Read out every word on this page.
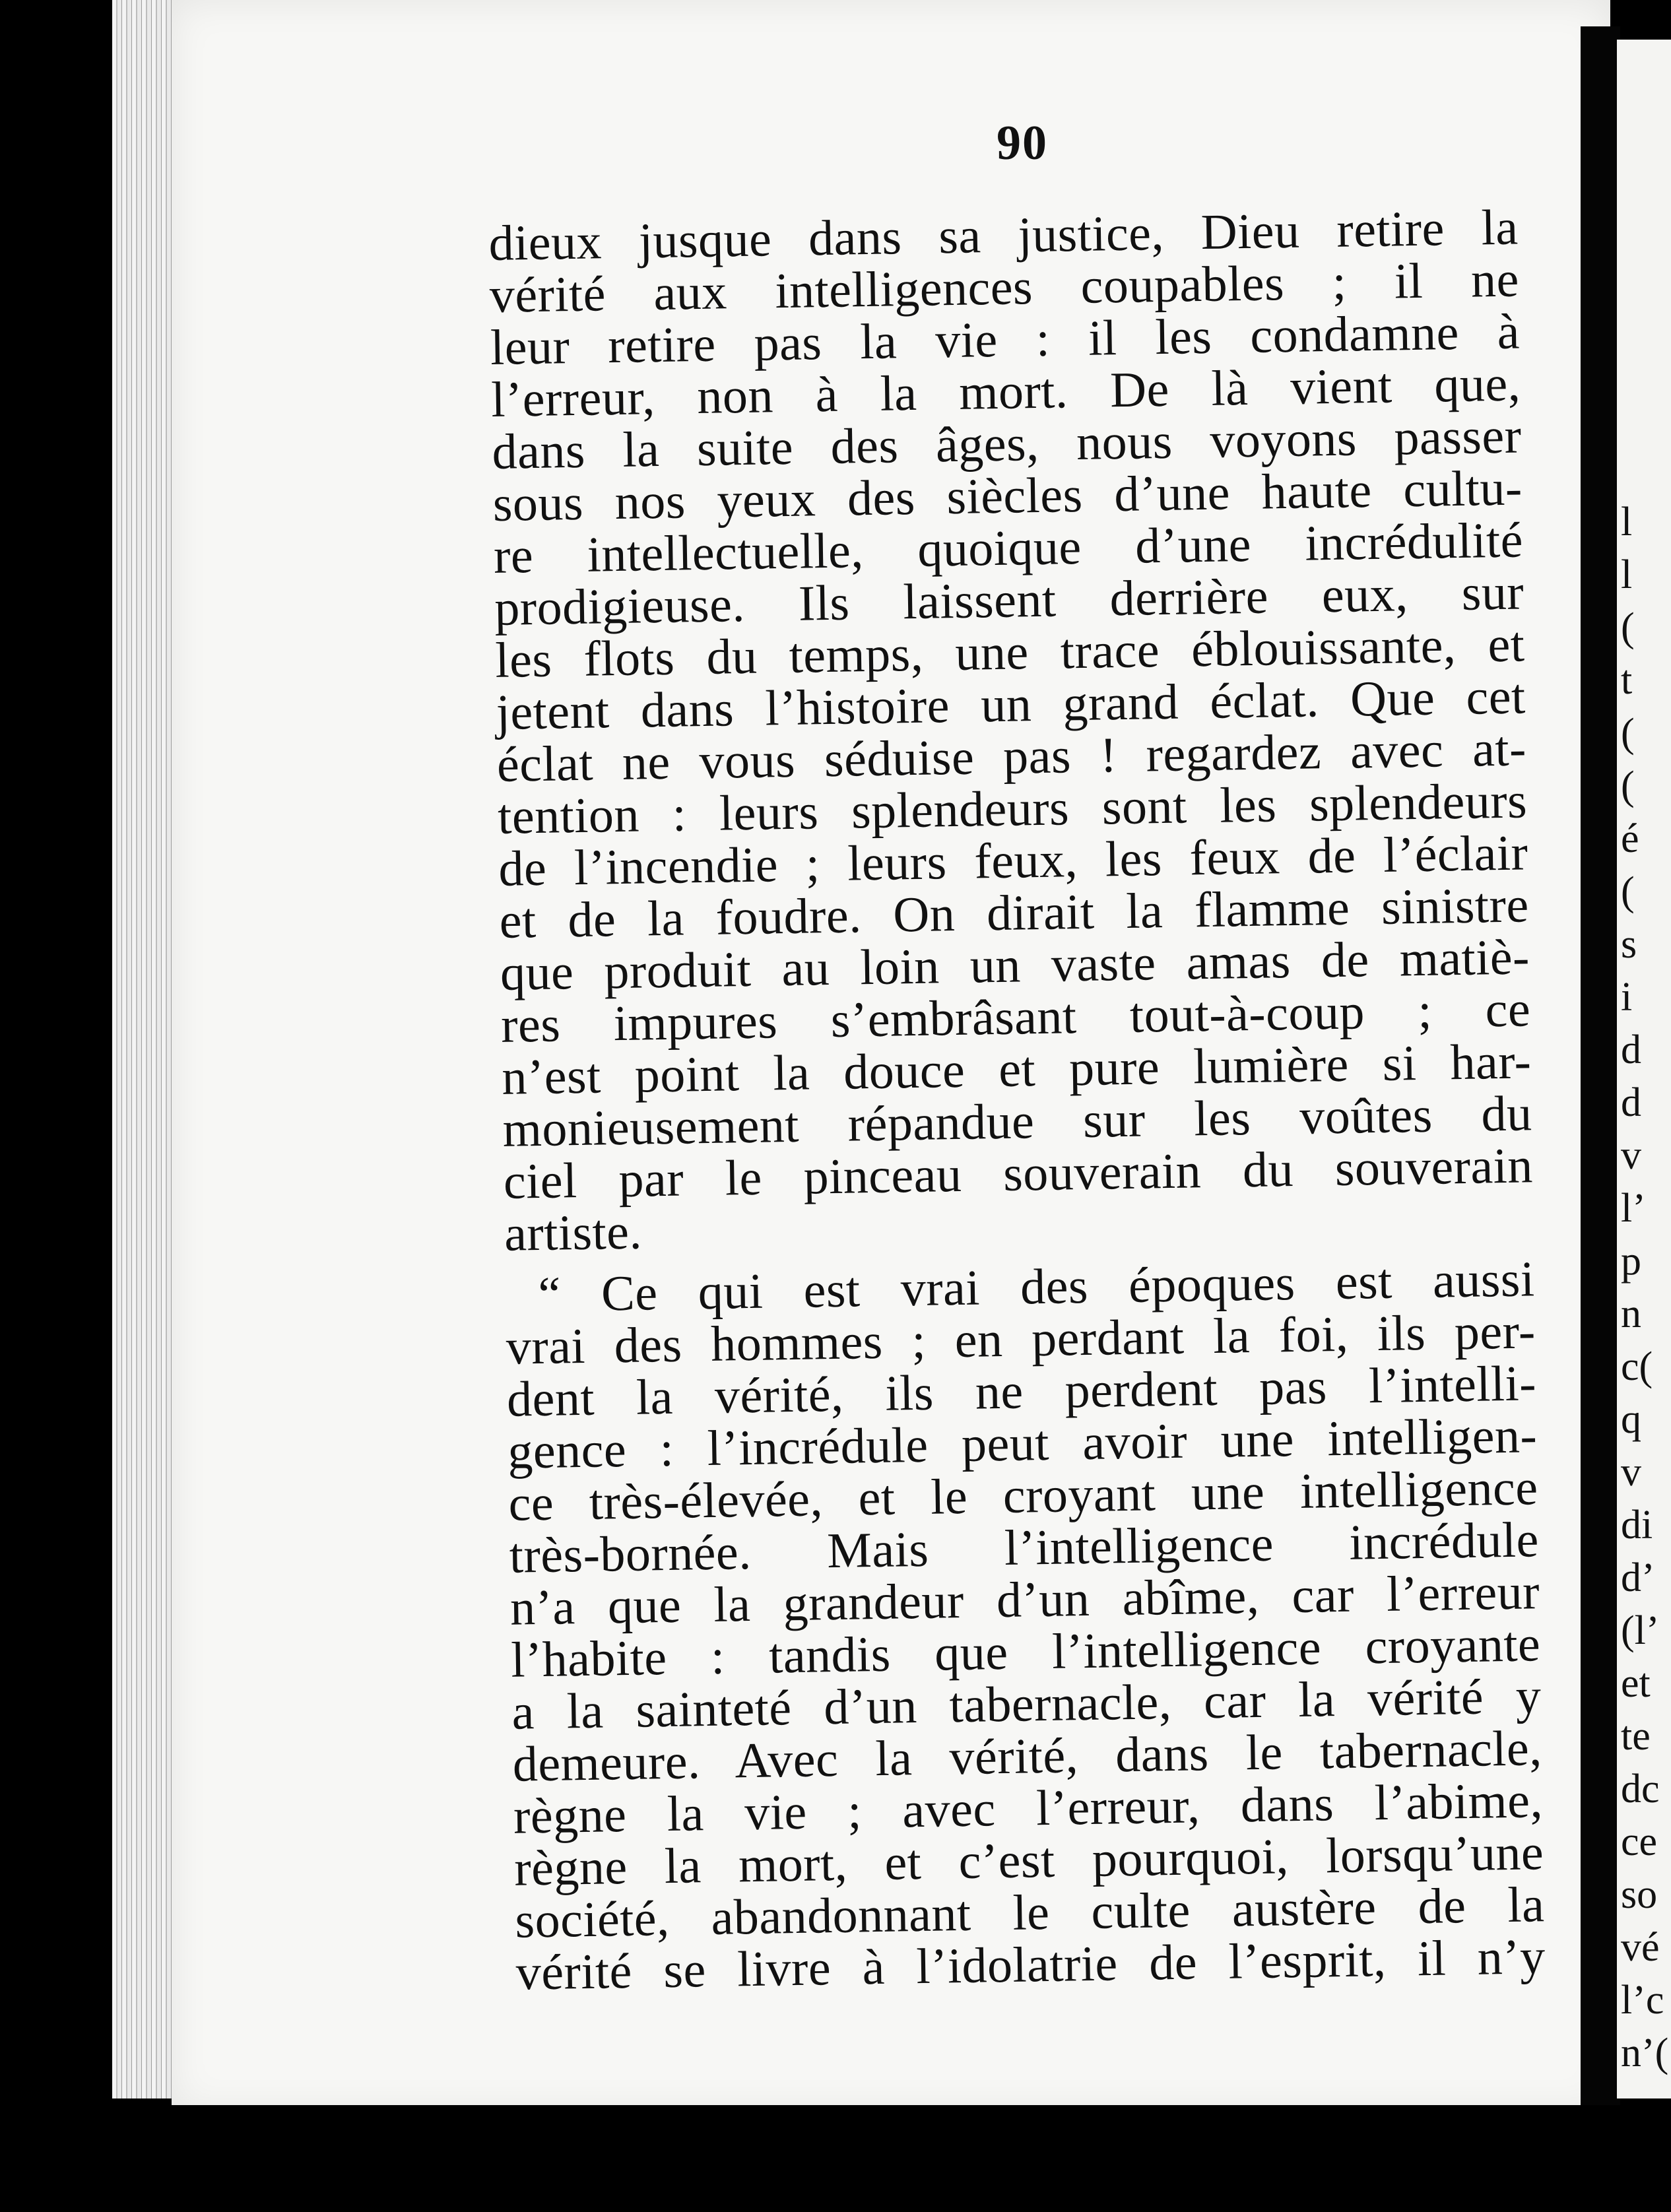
90
dieux jusque dans sa justice, Dieu retire la
vérité aux intelligences coupables ; il ne
leur retire pas la vie : il les condamne à
l’erreur, non à la mort. De là vient que,
dans la suite des âges, nous voyons passer
sous nos yeux des siècles d’une haute cultu-
re intellectuelle, quoique d’une incrédulité
prodigieuse. Ils laissent derrière eux, sur
les flots du temps, une trace éblouissante, et
jetent dans l’histoire un grand éclat. Que cet
éclat ne vous séduise pas ! regardez avec at-
tention : leurs splendeurs sont les splendeurs
de l’incendie ; leurs feux, les feux de l’éclair
et de la foudre. On dirait la flamme sinistre
que produit au loin un vaste amas de matiè-
res impures s’embrâsant tout-à-coup ; ce
n’est point la douce et pure lumière si har-
monieusement répandue sur les voûtes du
ciel par le pinceau souverain du souverain
artiste.
“ Ce qui est vrai des époques est aussi
vrai des hommes ; en perdant la foi, ils per-
dent la vérité, ils ne perdent pas l’intelli-
gence : l’incrédule peut avoir une intelligen-
ce très-élevée, et le croyant une intelligence
très-bornée. Mais l’intelligence incrédule
n’a que la grandeur d’un abîme, car l’erreur
l’habite : tandis que l’intelligence croyante
a la sainteté d’un tabernacle, car la vérité y
demeure. Avec la vérité, dans le tabernacle,
règne la vie ; avec l’erreur, dans l’abime,
règne la mort, et c’est pourquoi, lorsqu’une
société, abandonnant le culte austère de la
vérité se livre à l’idolatrie de l’esprit, il n’y
l
l
(
t
(
(
é
(
s
i
d
d
v
l’
p
n
c(
q
v
di
d’
(l’
et
te
dc
ce
so
vé
l’c
n’(
